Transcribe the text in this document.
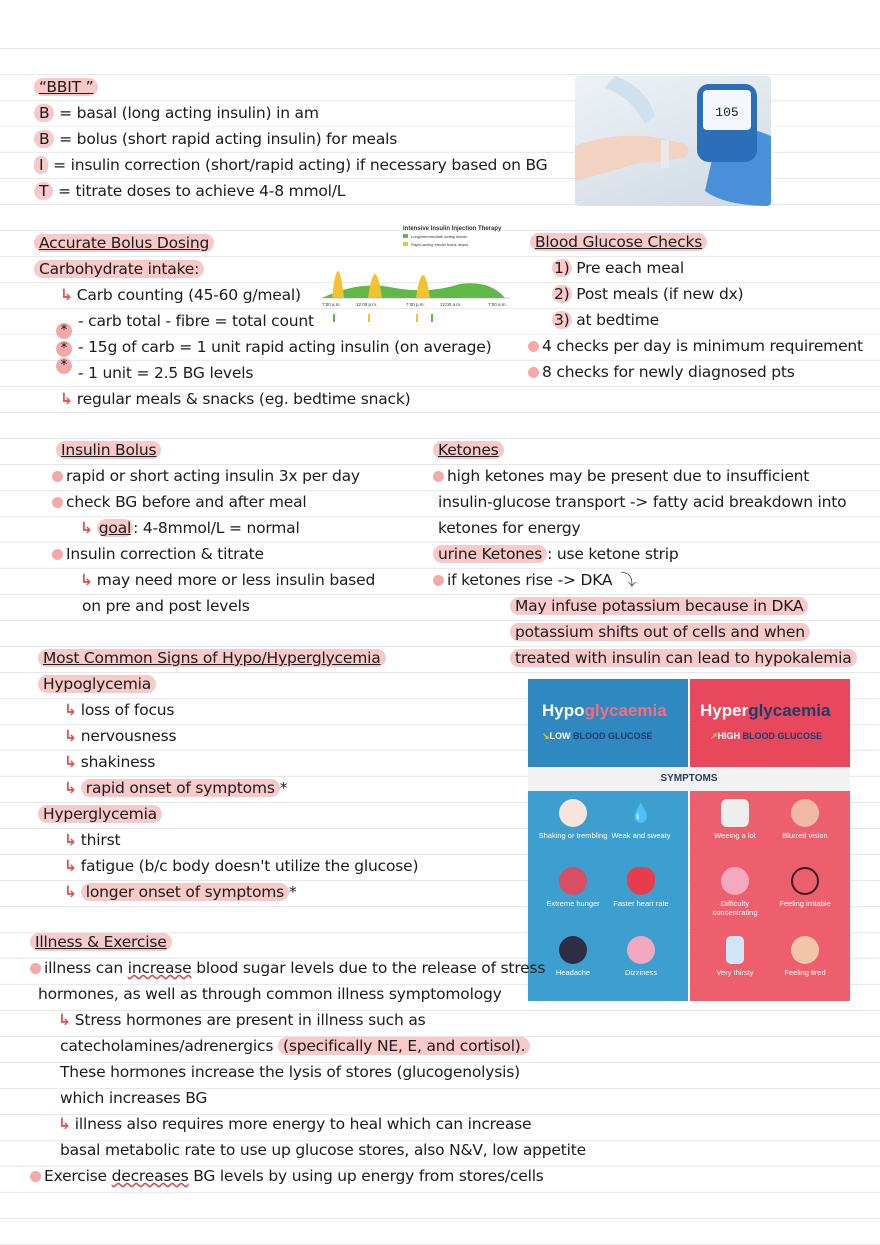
“BBIT ”
B = basal (long acting insulin) in am
B = bolus (short rapid acting insulin) for meals
I = insulin correction (short/rapid acting) if necessary based on BG
T = titrate doses to achieve 4-8 mmol/L
105
Accurate Bolus Dosing
Carbohydrate intake:
↳ Carb counting (45-60 g/meal)
- carb total - fibre = total count
- 15g of carb = 1 unit rapid acting insulin (on average)
- 1 unit = 2.5 BG levels
↳ regular meals & snacks (eg. bedtime snack)
*
*
*
Intensive Insulin Injection Therapy
Long/intermediate-acting insulin
Rapid-acting insulin bolus doses
7:00 a.m.	12:00 p.m.	7:00 p.m.	12:00 a.m.	7:00 a.m.
Blood Glucose Checks
1) Pre each meal
2) Post meals (if new dx)
3) at bedtime
4 checks per day is minimum requirement
8 checks for newly diagnosed pts
Insulin Bolus
rapid or short acting insulin 3x per day
check BG before and after meal
↳ goal : 4-8mmol/L = normal
Insulin correction & titrate
↳ may need more or less insulin based
on pre and post levels
Ketones
high ketones may be present due to insufficient
insulin-glucose transport -> fatty acid breakdown into
ketones for energy
urine Ketones : use ketone strip
if ketones rise -> DKA ⤵
May infuse potassium because in DKA
potassium shifts out of cells and when
treated with insulin can lead to hypokalemia
Most Common Signs of Hypo/Hyperglycemia
Hypoglycemia
↳ loss of focus
↳ nervousness
↳ shakiness
↳ rapid onset of symptoms *
Hyperglycemia
↳ thirst
↳ fatigue (b/c body doesn't utilize the glucose)
↳ longer onset of symptoms *
Hypoglycaemia
↘LOW BLOOD GLUCOSE
Hyperglycaemia
↗HIGH BLOOD GLUCOSE
SYMPTOMS
Shaking or trembling
💧
Weak and sweaty
Extreme hunger	Faster heart rate
Headache	Dizziness
Weeing a lot	Blurred vision
Difficulty concentrating
Feeling irritable
Very thirsty	Feeling tired
Illness & Exercise
illness can increase blood sugar levels due to the release of stress
hormones, as well as through common illness symptomology
↳ Stress hormones are present in illness such as
catecholamines/adrenergics (specifically NE, E, and cortisol).
These hormones increase the lysis of stores (glucogenolysis)
which increases BG
↳ illness also requires more energy to heal which can increase
basal metabolic rate to use up glucose stores, also N&V, low appetite
Exercise decreases BG levels by using up energy from stores/cells
